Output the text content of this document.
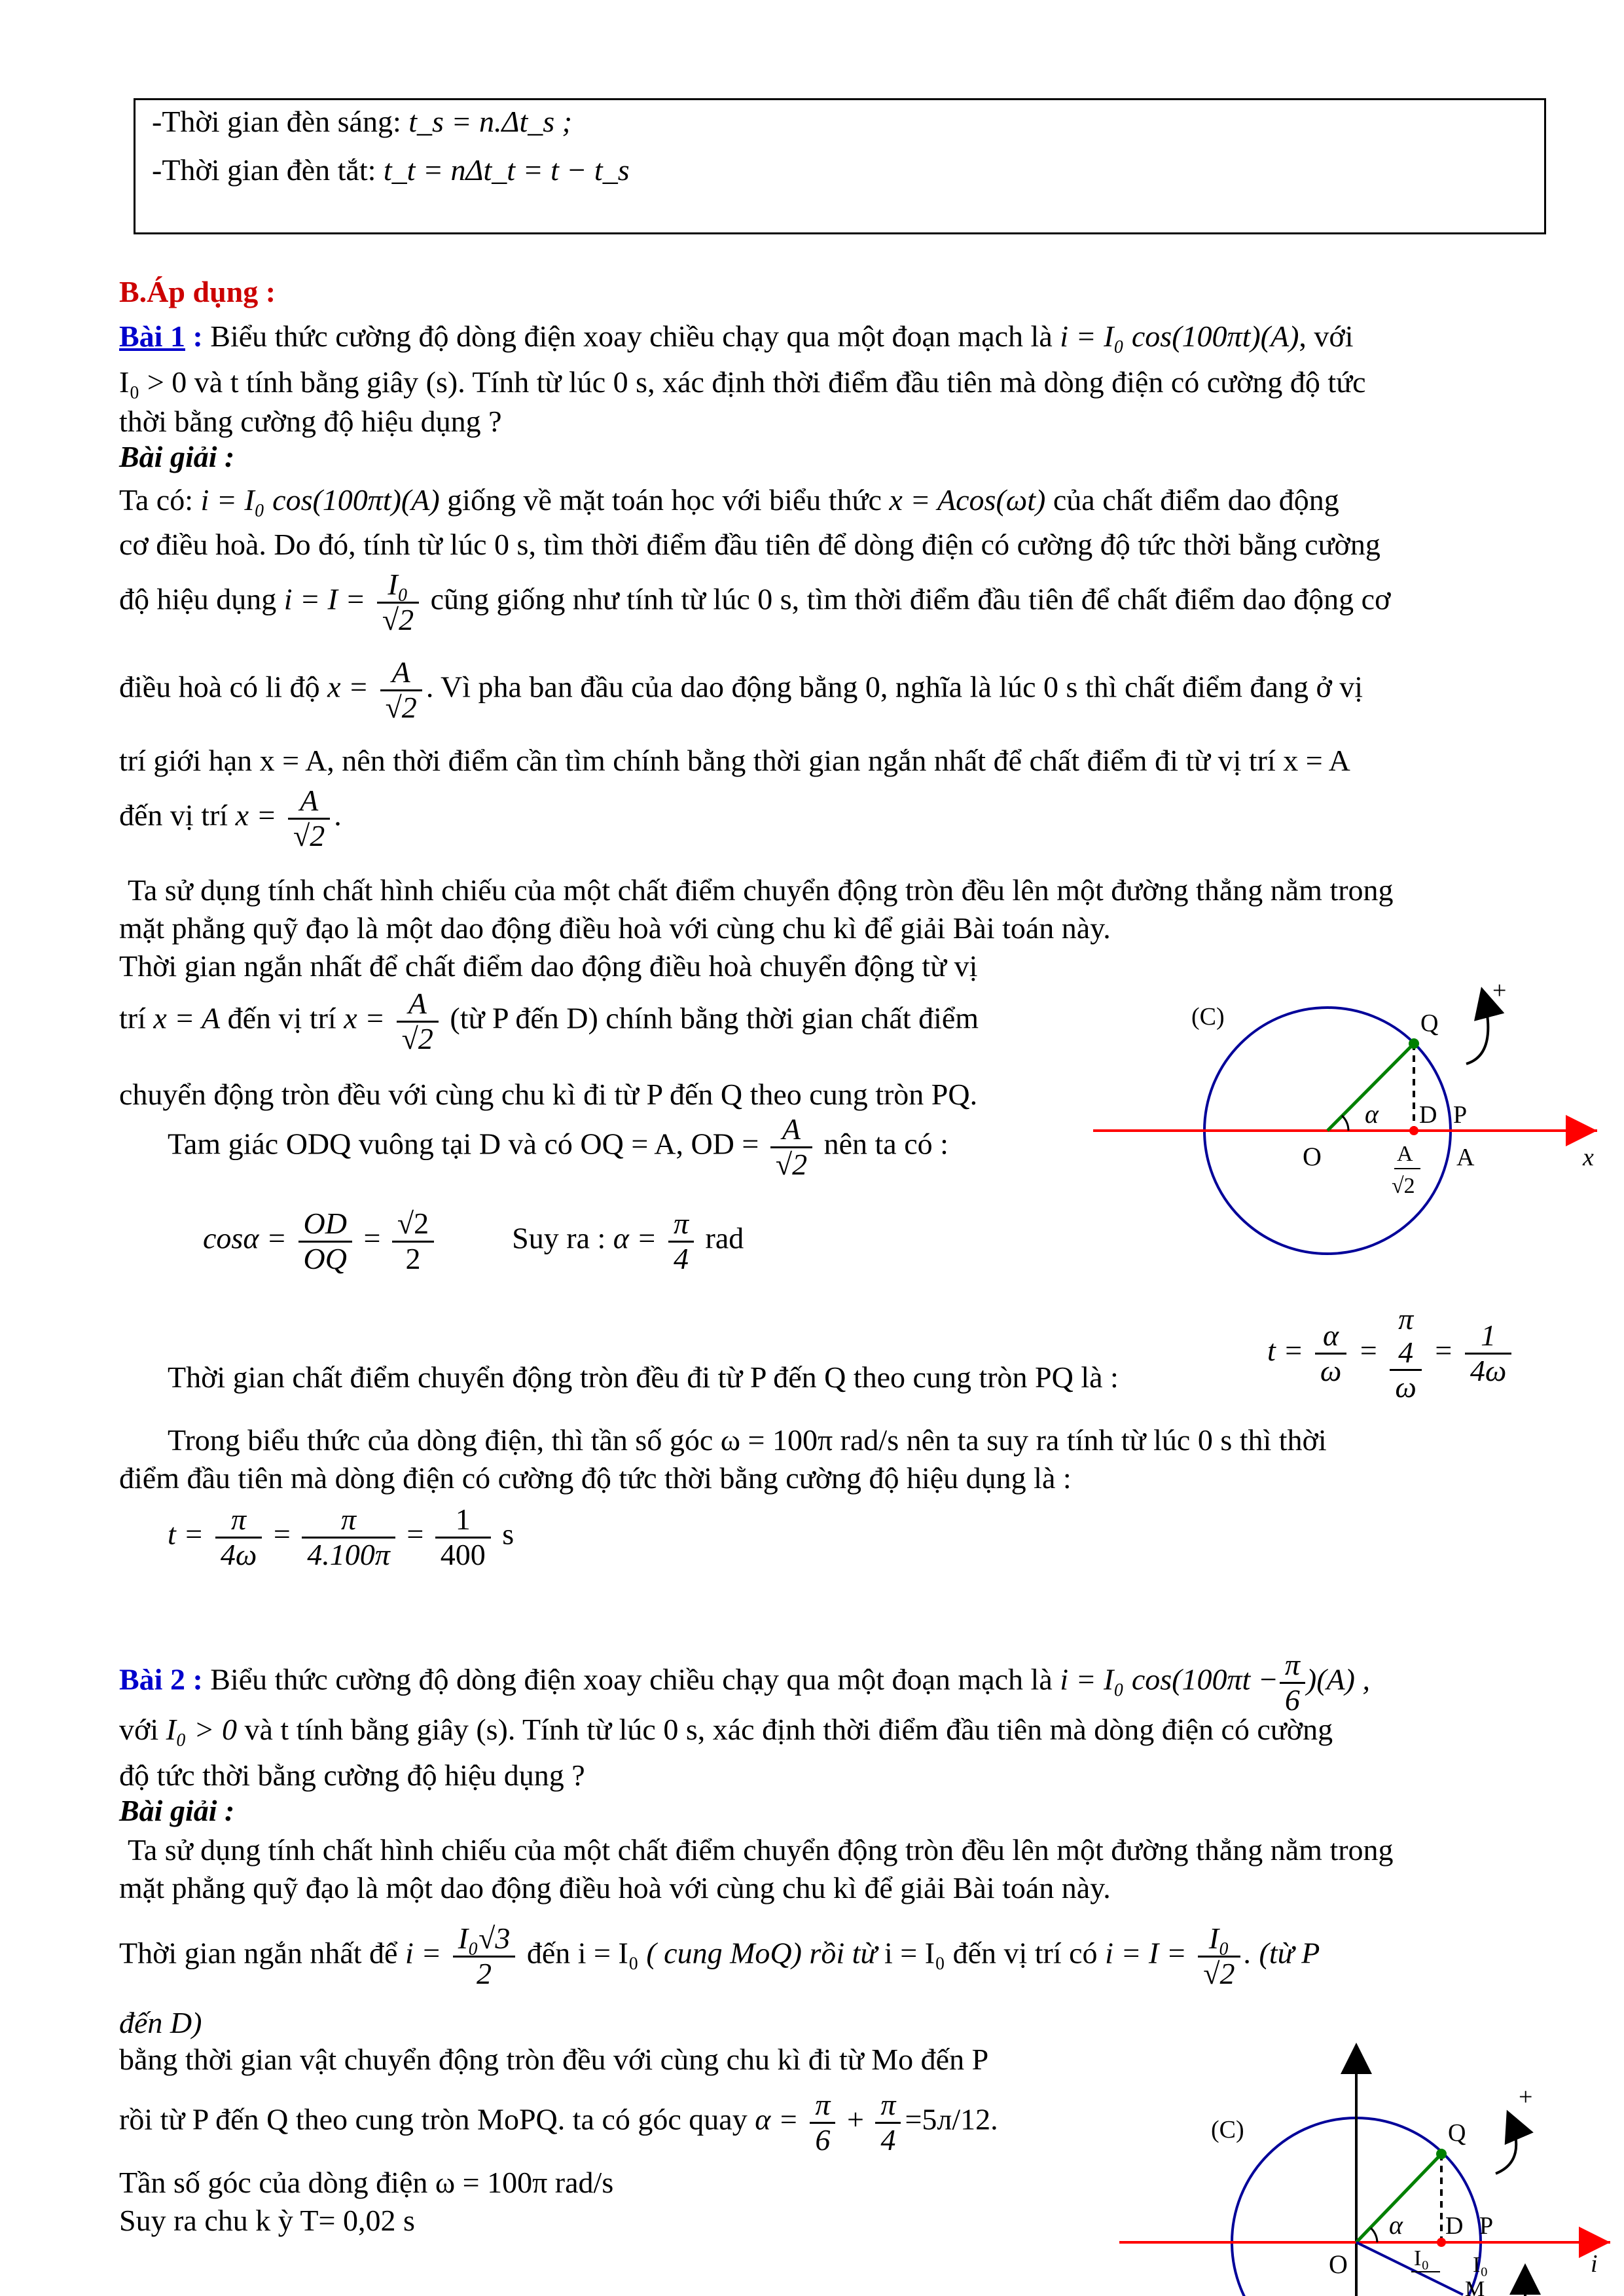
-Thời gian đèn sáng: t_s = n.Δt_s ;
-Thời gian đèn tắt: t_t = nΔt_t = t − t_s
B.Áp dụng :
Bài 1 : Biểu thức cường độ dòng điện xoay chiều chạy qua một đoạn mạch là i = I₀ cos(100πt)(A), với
I₀ > 0 và t tính bằng giây (s). Tính từ lúc 0 s, xác định thời điểm đầu tiên mà dòng điện có cường độ tức
thời bằng cường độ hiệu dụng ?
Bài giải :
Ta có: i = I₀ cos(100πt)(A) giống về mặt toán học với biểu thức x = Acos(ωt) của chất điểm dao động
cơ điều hoà. Do đó, tính từ lúc 0 s, tìm thời điểm đầu tiên để dòng điện có cường độ tức thời bằng cường
độ hiệu dụng $i = I = \frac{\text{I₀}}{√2}$ cũng giống như tính từ lúc 0 s, tìm thời điểm đầu tiên để chất điểm dao động cơ
điều hoà có li độ $x = \frac{A}{√2}$ . Vì pha ban đầu của dao động bằng 0, nghĩa là lúc 0 s thì chất điểm đang ở vị
trí giới hạn x = A, nên thời điểm cần tìm chính bằng thời gian ngắn nhất để chất điểm đi từ vị trí x = A
đến vị trí $x = \frac{A}{√2}$ .
Ta sử dụng tính chất hình chiếu của một chất điểm chuyển động tròn đều lên một đường thẳng nằm trong
mặt phẳng quỹ đạo là một dao động điều hoà với cùng chu kì để giải Bài toán này.
Thời gian ngắn nhất để chất điểm dao động điều hoà chuyển động từ vị
trí x = A đến vị trí $x = \frac{A}{√2}$ (từ P đến D) chính bằng thời gian chất điểm
chuyển động tròn đều với cùng chu kì đi từ P đến Q theo cung tròn PQ.
Tam giác ODQ vuông tại D và có OQ = A, OD = $\frac{A}{√2}$ nên ta có :
$\cos\alpha = \frac{OD}{OQ} = \frac{√2}{2}$	Suy ra : $\alpha = \frac{\pi}{4}$ rad
Thời gian chất điểm chuyển động tròn đều đi từ P đến Q theo cung tròn PQ là :
$t = \frac{\alpha}{\omega} = \pi$
4
$\omega = \frac{1}{4\omega}$
Trong biểu thức của dòng điện, thì tần số góc ω = 100π rad/s nên ta suy ra tính từ lúc 0 s thì thời
điểm đầu tiên mà dòng điện có cường độ tức thời bằng cường độ hiệu dụng là :
$t = \frac{\pi}{4\omega} = \frac{\pi}{4.100\pi} = \frac{1}{400}$ s
(C)	Q
+
α D P
O	A
√2
A	x
Bài 2 : Biểu thức cường độ dòng điện xoay chiều chạy qua một đoạn mạch là i = I₀ $\cos(100\pi t - \frac{\pi}{6} )(A)$ ,
với I₀ > 0 và t tính bằng giây (s). Tính từ lúc 0 s, xác định thời điểm đầu tiên mà dòng điện có cường
độ tức thời bằng cường độ hiệu dụng ?
Bài giải :
Ta sử dụng tính chất hình chiếu của một chất điểm chuyển động tròn đều lên một đường thẳng nằm trong
mặt phẳng quỹ đạo là một dao động điều hoà với cùng chu kì để giải Bài toán này.
Thời gian ngắn nhất để $i = \frac{\text{I₀√3}}{2}$ đến i = I₀ ( cung MoQ) rồi từ i = I₀ đến vị trí có $i = I = \frac{\text{I₀}}{√2}$ . (từ P
đến D)
bằng thời gian vật chuyển động tròn đều với cùng chu kì đi từ Mo đến P
rồi từ P đến Q theo cung tròn MoPQ. ta có góc quay $\alpha = \frac{\pi}{6} + \frac{\pi}{4} =5л/12$.
Tần số góc của dòng điện ω = 100π rad/s
Suy ra chu k ỳ T= 0,02 s
(C)	Q
+
α D P
O	I₀ I₀	i
M
